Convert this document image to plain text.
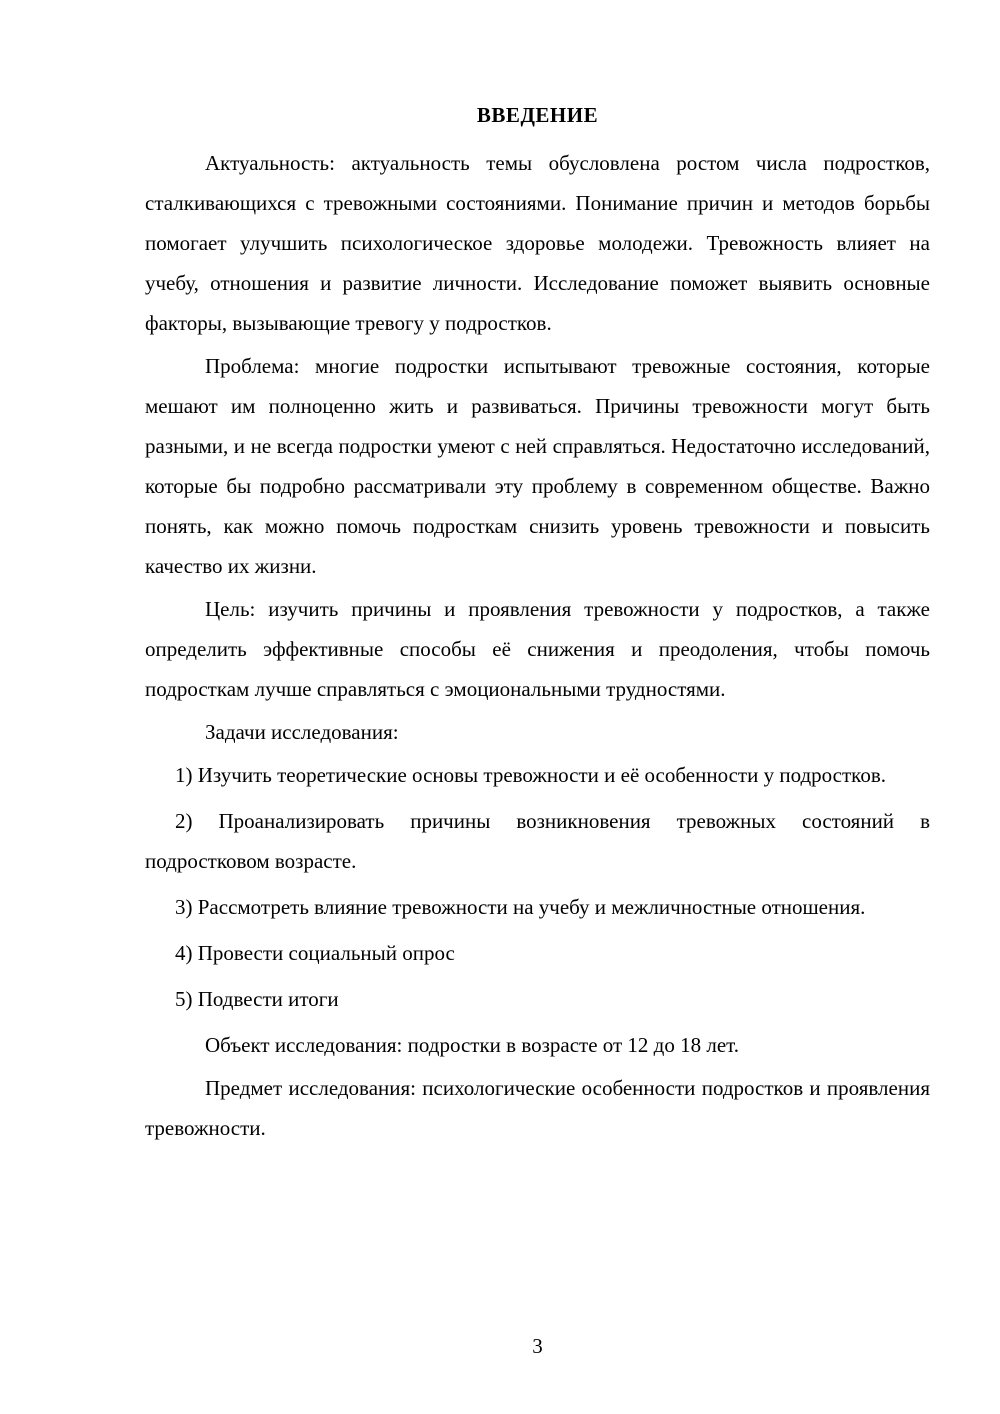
ВВЕДЕНИЕ

Актуальность: актуальность темы обусловлена ростом числа подростков, сталкивающихся с тревожными состояниями. Понимание причин и методов борьбы помогает улучшить психологическое здоровье молодежи. Тревожность влияет на учебу, отношения и развитие личности. Исследование поможет выявить основные факторы, вызывающие тревогу у подростков.

Проблема: многие подростки испытывают тревожные состояния, которые мешают им полноценно жить и развиваться. Причины тревожности могут быть разными, и не всегда подростки умеют с ней справляться. Недостаточно исследований, которые бы подробно рассматривали эту проблему в современном обществе. Важно понять, как можно помочь подросткам снизить уровень тревожности и повысить качество их жизни.

Цель: изучить причины и проявления тревожности у подростков, а также определить эффективные способы её снижения и преодоления, чтобы помочь подросткам лучше справляться с эмоциональными трудностями.

Задачи исследования:

1) Изучить теоретические основы тревожности и её особенности у подростков.

2) Проанализировать причины возникновения тревожных состояний в подростковом возрасте.

3) Рассмотреть влияние тревожности на учебу и межличностные отношения.

4) Провести социальный опрос

5) Подвести итоги

Объект исследования: подростки в возрасте от 12 до 18 лет.

Предмет исследования: психологические особенности подростков и проявления тревожности.

3
